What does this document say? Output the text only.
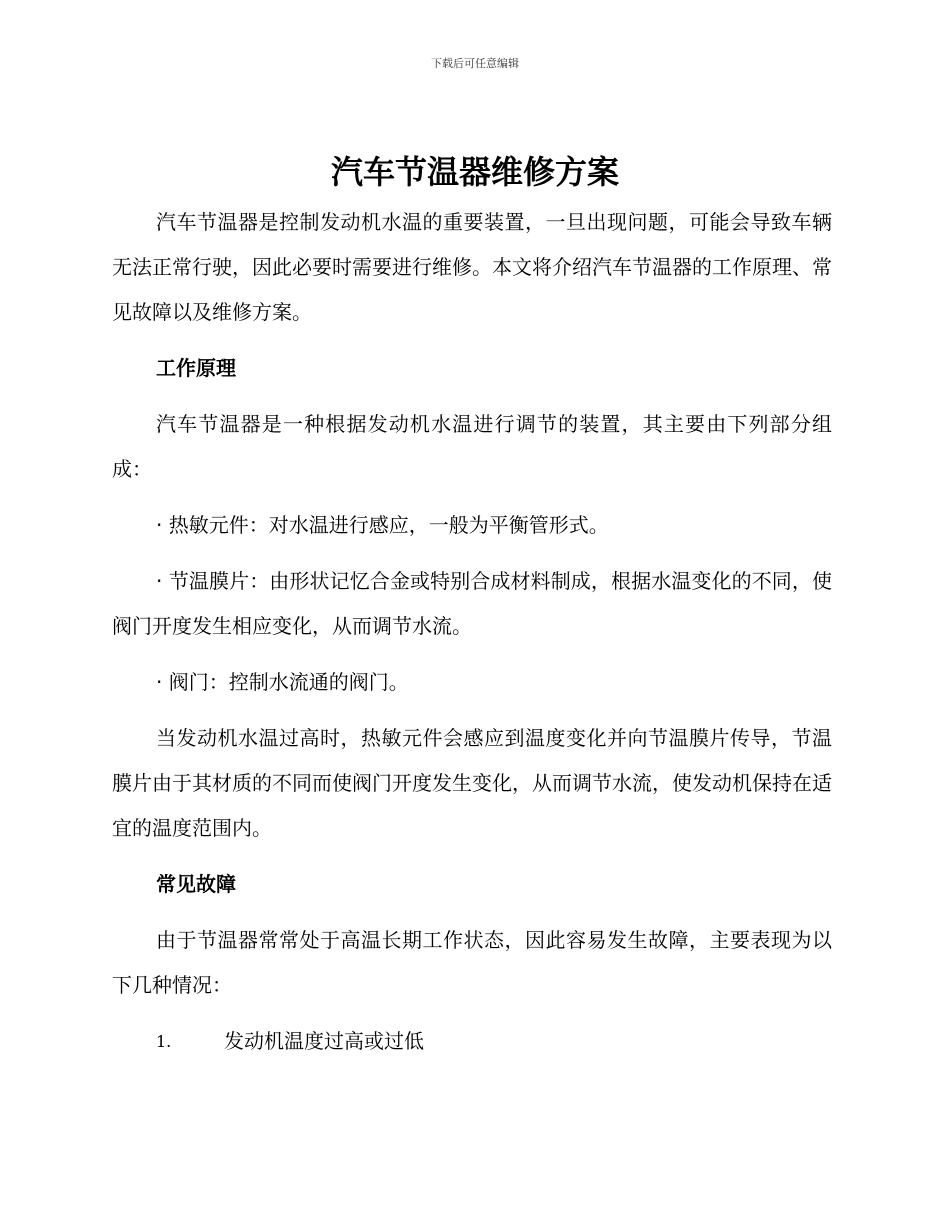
下载后可任意编辑
汽车节温器维修方案

汽车节温器是控制发动机水温的重要装置，一旦出现问题，可能会导致车辆无法正常行驶，因此必要时需要进行维修。本文将介绍汽车节温器的工作原理、常见故障以及维修方案。

工作原理

汽车节温器是一种根据发动机水温进行调节的装置，其主要由下列部分组成：

· 热敏元件：对水温进行感应，一般为平衡管形式。

· 节温膜片：由形状记忆合金或特别合成材料制成，根据水温变化的不同，使阀门开度发生相应变化，从而调节水流。

· 阀门：控制水流通的阀门。

当发动机水温过高时，热敏元件会感应到温度变化并向节温膜片传导，节温膜片由于其材质的不同而使阀门开度发生变化，从而调节水流，使发动机保持在适宜的温度范围内。

常见故障

由于节温器常常处于高温长期工作状态，因此容易发生故障，主要表现为以下几种情况：

1.	发动机温度过高或过低
